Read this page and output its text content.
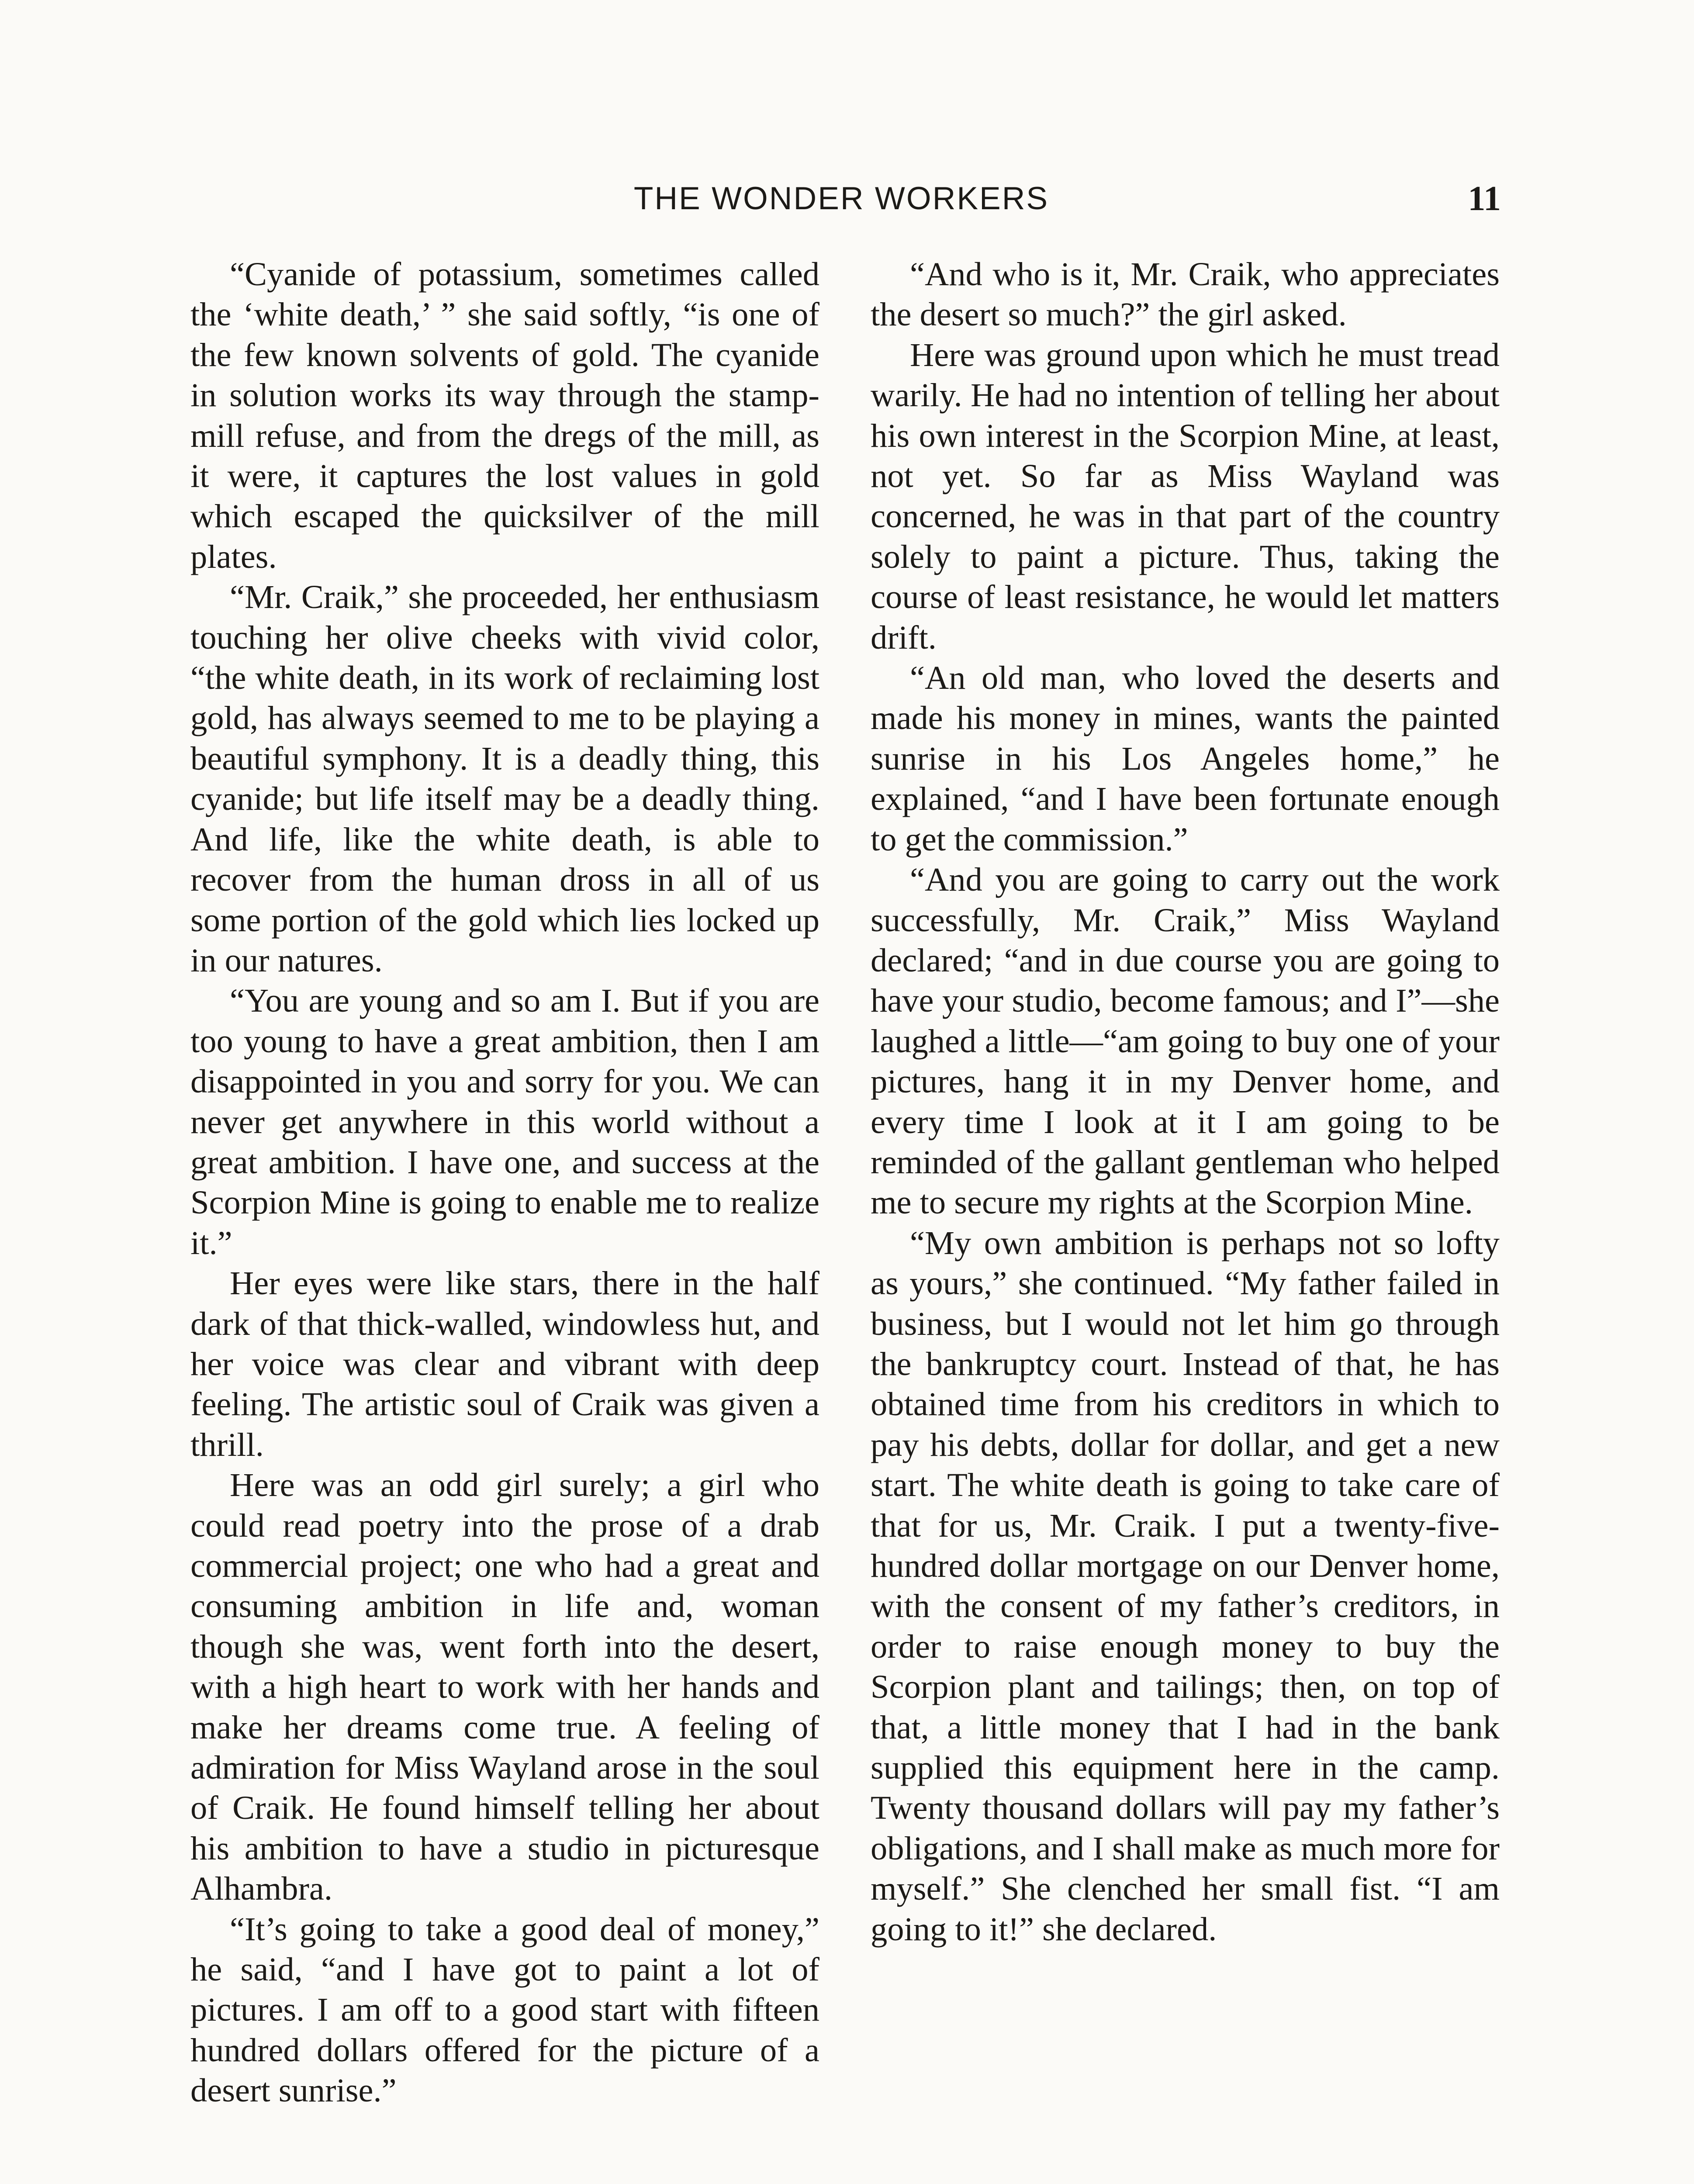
THE WONDER WORKERS	11

“Cyanide of potassium, sometimes called the ‘white death,’ ” she said softly, “is one of the few known solvents of gold. The cyanide in solution works its way through the stamp-mill refuse, and from the dregs of the mill, as it were, it captures the lost values in gold which escaped the quicksilver of the mill plates.

“Mr. Craik,” she proceeded, her enthusiasm touching her olive cheeks with vivid color, “the white death, in its work of reclaiming lost gold, has always seemed to me to be playing a beautiful symphony. It is a deadly thing, this cyanide; but life itself may be a deadly thing. And life, like the white death, is able to recover from the human dross in all of us some portion of the gold which lies locked up in our natures.

“You are young and so am I. But if you are too young to have a great ambition, then I am disappointed in you and sorry for you. We can never get anywhere in this world without a great ambition. I have one, and success at the Scorpion Mine is going to enable me to realize it.”

Her eyes were like stars, there in the half dark of that thick-walled, windowless hut, and her voice was clear and vibrant with deep feeling. The artistic soul of Craik was given a thrill.

Here was an odd girl surely; a girl who could read poetry into the prose of a drab commercial project; one who had a great and consuming ambition in life and, woman though she was, went forth into the desert, with a high heart to work with her hands and make her dreams come true. A feeling of admiration for Miss Wayland arose in the soul of Craik. He found himself telling her about his ambition to have a studio in picturesque Alhambra.

“It’s going to take a good deal of money,” he said, “and I have got to paint a lot of pictures. I am off to a good start with fifteen hundred dollars offered for the picture of a desert sunrise.”

“And who is it, Mr. Craik, who appreciates the desert so much?” the girl asked.

Here was ground upon which he must tread warily. He had no intention of telling her about his own interest in the Scorpion Mine, at least, not yet. So far as Miss Wayland was concerned, he was in that part of the country solely to paint a picture. Thus, taking the course of least resistance, he would let matters drift.

“An old man, who loved the deserts and made his money in mines, wants the painted sunrise in his Los Angeles home,” he explained, “and I have been fortunate enough to get the commission.”

“And you are going to carry out the work successfully, Mr. Craik,” Miss Wayland declared; “and in due course you are going to have your studio, become famous; and I”—she laughed a little—“am going to buy one of your pictures, hang it in my Denver home, and every time I look at it I am going to be reminded of the gallant gentleman who helped me to secure my rights at the Scorpion Mine.

“My own ambition is perhaps not so lofty as yours,” she continued. “My father failed in business, but I would not let him go through the bankruptcy court. Instead of that, he has obtained time from his creditors in which to pay his debts, dollar for dollar, and get a new start. The white death is going to take care of that for us, Mr. Craik. I put a twenty-five-hundred dollar mortgage on our Denver home, with the consent of my father’s creditors, in order to raise enough money to buy the Scorpion plant and tailings; then, on top of that, a little money that I had in the bank supplied this equipment here in the camp. Twenty thousand dollars will pay my father’s obligations, and I shall make as much more for myself.” She clenched her small fist. “I am going to it!” she declared.
